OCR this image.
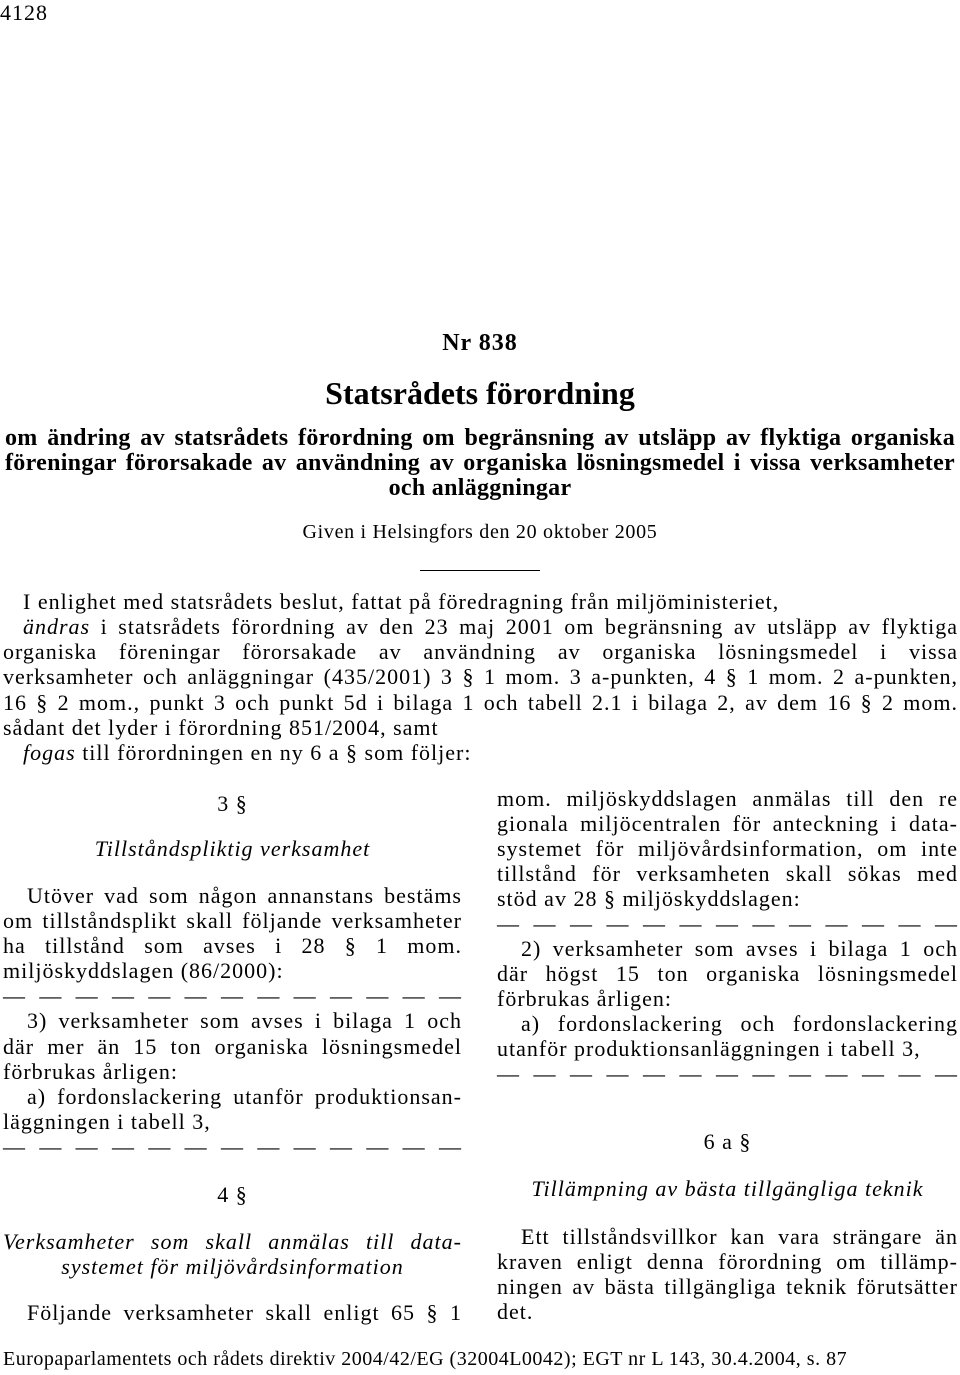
4128
Nr 838
Statsrådets förordning
om ändring av statsrådets förordning om begränsning av utsläpp av flyktiga organiska
föreningar förorsakade av användning av organiska lösningsmedel i vissa verksamheter
och anläggningar
Given i Helsingfors den 20 oktober 2005
I enlighet med statsrådets beslut, fattat på föredragning från miljöministeriet,
ändras i statsrådets förordning av den 23 maj 2001 om begränsning av utsläpp av flyktiga
organiska föreningar förorsakade av användning av organiska lösningsmedel i vissa
verksamheter och anläggningar (435/2001) 3 § 1 mom. 3 a-punkten, 4 § 1 mom. 2 a-punkten,
16 § 2 mom., punkt 3 och punkt 5d i bilaga 1 och tabell 2.1 i bilaga 2, av dem 16 § 2 mom.
sådant det lyder i förordning 851/2004, samt
fogas till förordningen en ny 6 a § som följer:
3 §
Tillståndspliktig verksamhet
Utöver vad som någon annanstans bestäms
om tillståndsplikt skall följande verksamheter
ha tillstånd som avses i 28 § 1 mom.
miljöskyddslagen (86/2000):
— — — — — — — — — — — — —
3) verksamheter som avses i bilaga 1 och
där mer än 15 ton organiska lösningsmedel
förbrukas årligen:
a) fordonslackering utanför produktionsan-
läggningen i tabell 3,
— — — — — — — — — — — — —
4 §
Verksamheter som skall anmälas till data-
systemet för miljövårdsinformation
Följande verksamheter skall enligt 65 § 1
mom. miljöskyddslagen anmälas till den re
gionala miljöcentralen för anteckning i data-
systemet för miljövårdsinformation, om inte
tillstånd för verksamheten skall sökas med
stöd av 28 § miljöskyddslagen:
— — — — — — — — — — — — —
2) verksamheter som avses i bilaga 1 och
där högst 15 ton organiska lösningsmedel
förbrukas årligen:
a) fordonslackering och fordonslackering
utanför produktionsanläggningen i tabell 3,
— — — — — — — — — — — — —
6 a §
Tillämpning av bästa tillgängliga teknik
Ett tillståndsvillkor kan vara strängare än
kraven enligt denna förordning om tillämp-
ningen av bästa tillgängliga teknik förutsätter
det.
Europaparlamentets och rådets direktiv 2004/42/EG (32004L0042); EGT nr L 143, 30.4.2004, s. 87
